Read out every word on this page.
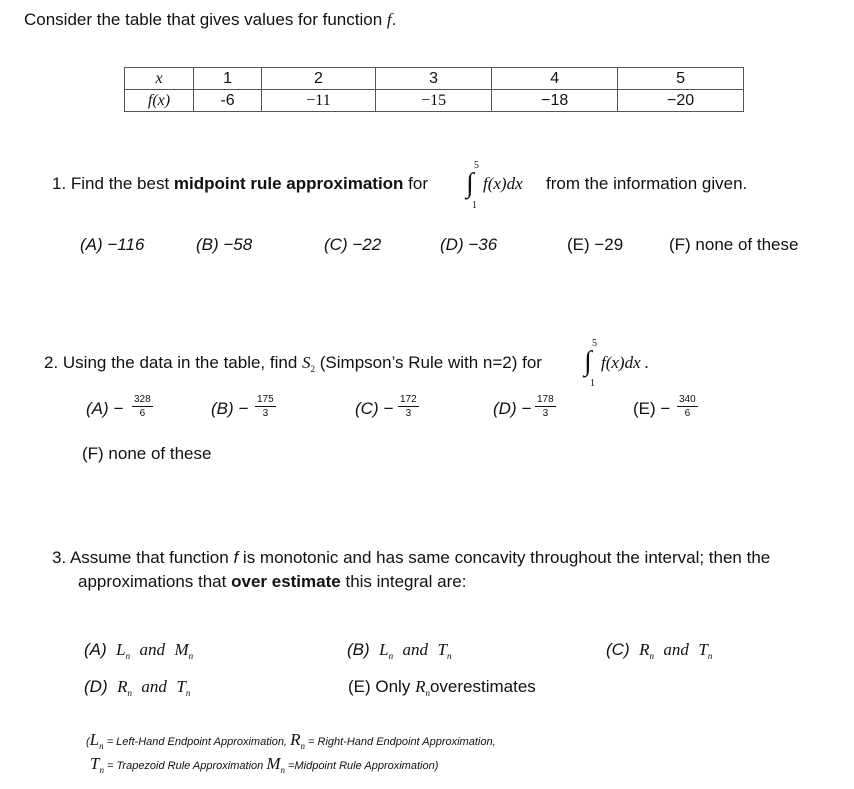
Consider the table that gives values for function f.
x	1	2	3	4	5
f(x)	-6	−11	−15	−18	−20
1. Find the best midpoint rule approximation for
5
∫
1
f(x)dx from the information given.
(A) −116	(B) −58	(C) −22	(D) −36	(E) −29	(F) none of these
2. Using the data in the table, find $S_2$ (Simpson’s Rule with n=2) for
5
∫
1
f(x)dx .
$(A) - \frac{328}{6}$	$(B) - \frac{175}{3}$	$(C) - \frac{172}{3}$	$(D) - \frac{178}{3}$	$(E) - \frac{340}{6}$
(F) none of these
3. Assume that function f is monotonic and has same concavity throughout the interval; then the
approximations that over estimate this integral are:
(A) $L_n$ and $M_n$	(B) $L_n$ and $T_n$	(C) $R_n$ and $T_n$
(D) $R_n$ and $T_n$	(E) Only $R_noverestimates$
($L_n$ = Left-Hand Endpoint Approximation, $R_n$ = Right-Hand Endpoint Approximation,
$T_n$ = Trapezoid Rule Approximation $M_n$ =Midpoint Rule Approximation)
